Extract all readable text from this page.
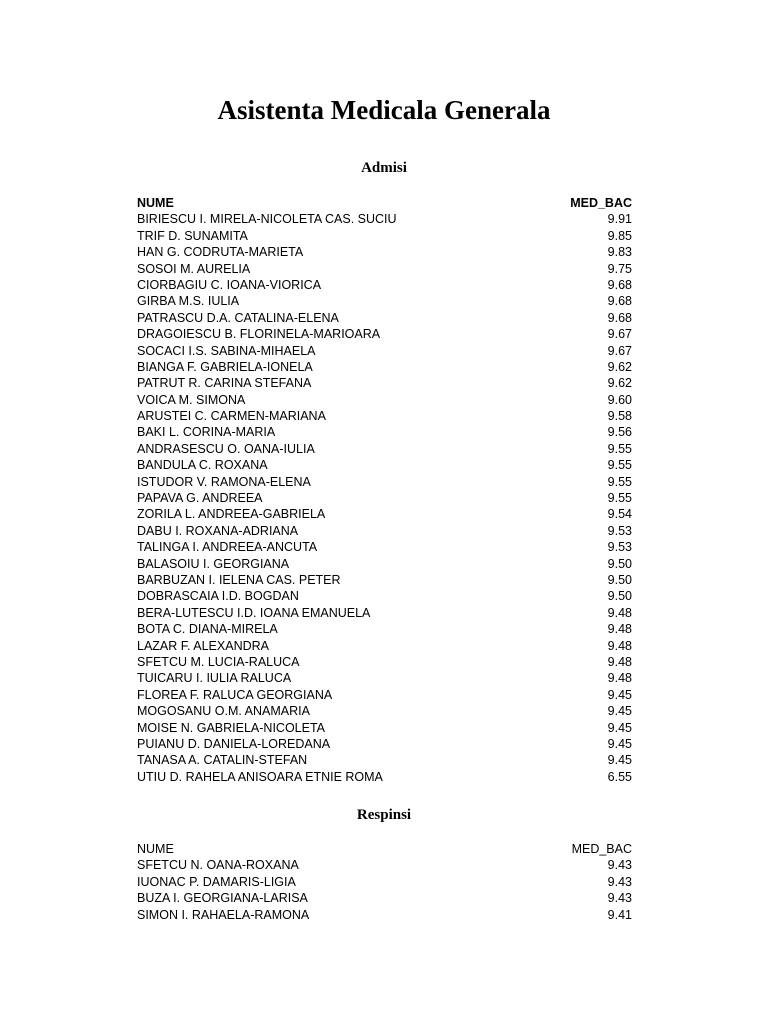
Asistenta Medicala Generala
Admisi
NUME	MED_BAC
BIRIESCU I. MIRELA-NICOLETA CAS. SUCIU	9.91
TRIF D. SUNAMITA	9.85
HAN G. CODRUTA-MARIETA	9.83
SOSOI M. AURELIA	9.75
CIORBAGIU C. IOANA-VIORICA	9.68
GIRBA M.S. IULIA	9.68
PATRASCU D.A. CATALINA-ELENA	9.68
DRAGOIESCU B. FLORINELA-MARIOARA	9.67
SOCACI I.S. SABINA-MIHAELA	9.67
BIANGA F. GABRIELA-IONELA	9.62
PATRUT R. CARINA STEFANA	9.62
VOICA M. SIMONA	9.60
ARUSTEI C. CARMEN-MARIANA	9.58
BAKI L. CORINA-MARIA	9.56
ANDRASESCU O. OANA-IULIA	9.55
BANDULA C. ROXANA	9.55
ISTUDOR V. RAMONA-ELENA	9.55
PAPAVA G. ANDREEA	9.55
ZORILA L. ANDREEA-GABRIELA	9.54
DABU I. ROXANA-ADRIANA	9.53
TALINGA I. ANDREEA-ANCUTA	9.53
BALASOIU I. GEORGIANA	9.50
BARBUZAN I. IELENA CAS. PETER	9.50
DOBRASCAIA I.D. BOGDAN	9.50
BERA-LUTESCU I.D. IOANA EMANUELA	9.48
BOTA C. DIANA-MIRELA	9.48
LAZAR F. ALEXANDRA	9.48
SFETCU M. LUCIA-RALUCA	9.48
TUICARU I. IULIA RALUCA	9.48
FLOREA F. RALUCA GEORGIANA	9.45
MOGOSANU O.M. ANAMARIA	9.45
MOISE N. GABRIELA-NICOLETA	9.45
PUIANU D. DANIELA-LOREDANA	9.45
TANASA A. CATALIN-STEFAN	9.45
UTIU D. RAHELA ANISOARA ETNIE ROMA	6.55
Respinsi
NUME	MED_BAC
SFETCU N. OANA-ROXANA	9.43
IUONAC P. DAMARIS-LIGIA	9.43
BUZA I. GEORGIANA-LARISA	9.43
SIMON I. RAHAELA-RAMONA	9.41
